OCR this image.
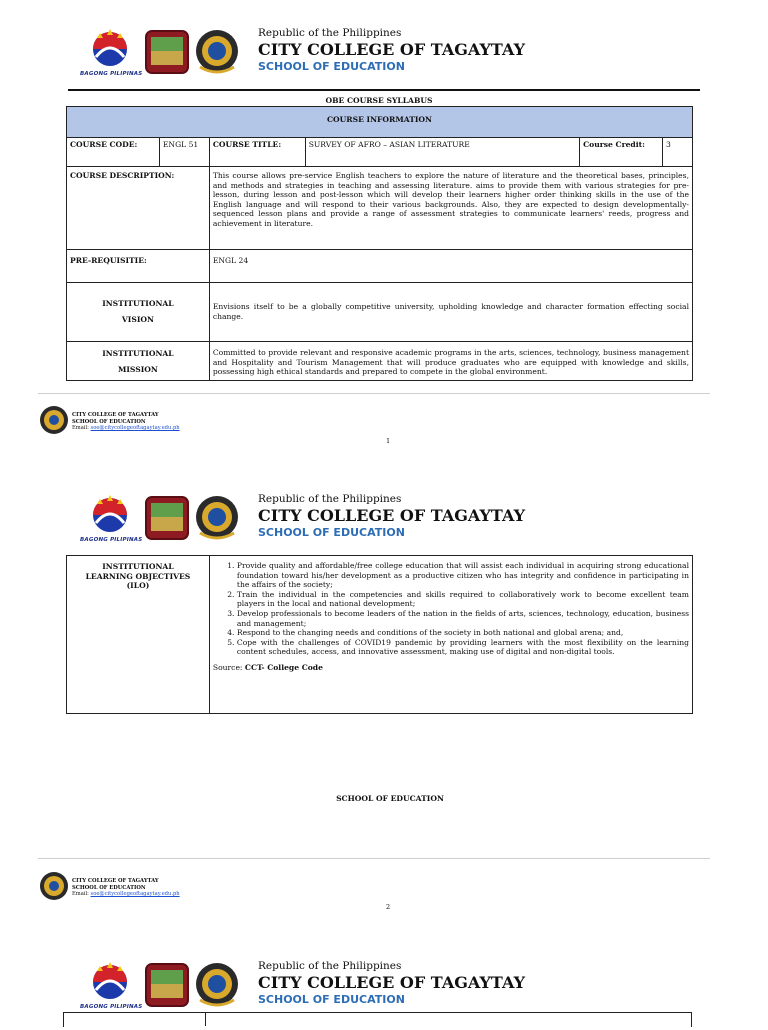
BAGONG PILIPINAS
Republic of the Philippines
CITY COLLEGE OF TAGAYTAY
SCHOOL OF EDUCATION
OBE COURSE SYLLABUS
COURSE INFORMATION					
COURSE CODE:	ENGL 51	COURSE TITLE:	SURVEY OF AFRO – ASIAN LITERATURE	Course Credit:	3
COURSE DESCRIPTION:		This course allows pre-service English teachers to explore the nature of literature and the theoretical bases, principles, and methods and strategies in teaching and assessing literature. aims to provide them with various strategies for pre-lesson, during lesson and post-lesson which will develop their learners higher order thinking skills in the use of the English language and will respond to their various backgrounds. Also, they are expected to design developmentally-sequenced lesson plans and provide a range of assessment strategies to communicate learners' reeds, progress and achievement in literature.			
PRE-REQUISITIE:		ENGL 24			
INSTITUTIONAL
VISION		Envisions itself to be a globally competitive university, upholding knowledge and character formation effecting social change.			
INSTITUTIONAL
MISSION		Committed to provide relevant and responsive academic programs in the arts, sciences, technology, business management and Hospitality and Tourism Management that will produce graduates who are equipped with knowledge and skills, possessing high ethical standards and prepared to compete in the global environment.			
CITY COLLEGE OF TAGAYTAY
SCHOOL OF EDUCATION
Email: soe@citycollegeoftagaytay.edu.ph
1
BAGONG PILIPINAS
Republic of the Philippines
CITY COLLEGE OF TAGAYTAY
SCHOOL OF EDUCATION
INSTITUTIONAL LEARNING OBJECTIVES (ILO)	
1. Provide quality and affordable/free college education that will assist each individual in acquiring strong educational foundation toward his/her development as a productive citizen who has integrity and confidence in participating in the affairs of the society;
2. Train the individual in the competencies and skills required to collaboratively work to become excellent team players in the local and national development;
3. Develop professionals to become leaders of the nation in the fields of arts, sciences, technology, education, business and management;
4. Respond to the changing needs and conditions of the society in both national and global arena; and,
5. Cope with the challenges of COVID19 pandemic by providing learners with the most flexibility on the learning content schedules, access, and innovative assessment, making use of digital and non-digital tools.
Source: CCT- College Code
SCHOOL OF EDUCATION
CITY COLLEGE OF TAGAYTAY
SCHOOL OF EDUCATION
Email: soe@citycollegeoftagaytay.edu.ph
2
BAGONG PILIPINAS
Republic of the Philippines
CITY COLLEGE OF TAGAYTAY
SCHOOL OF EDUCATION
